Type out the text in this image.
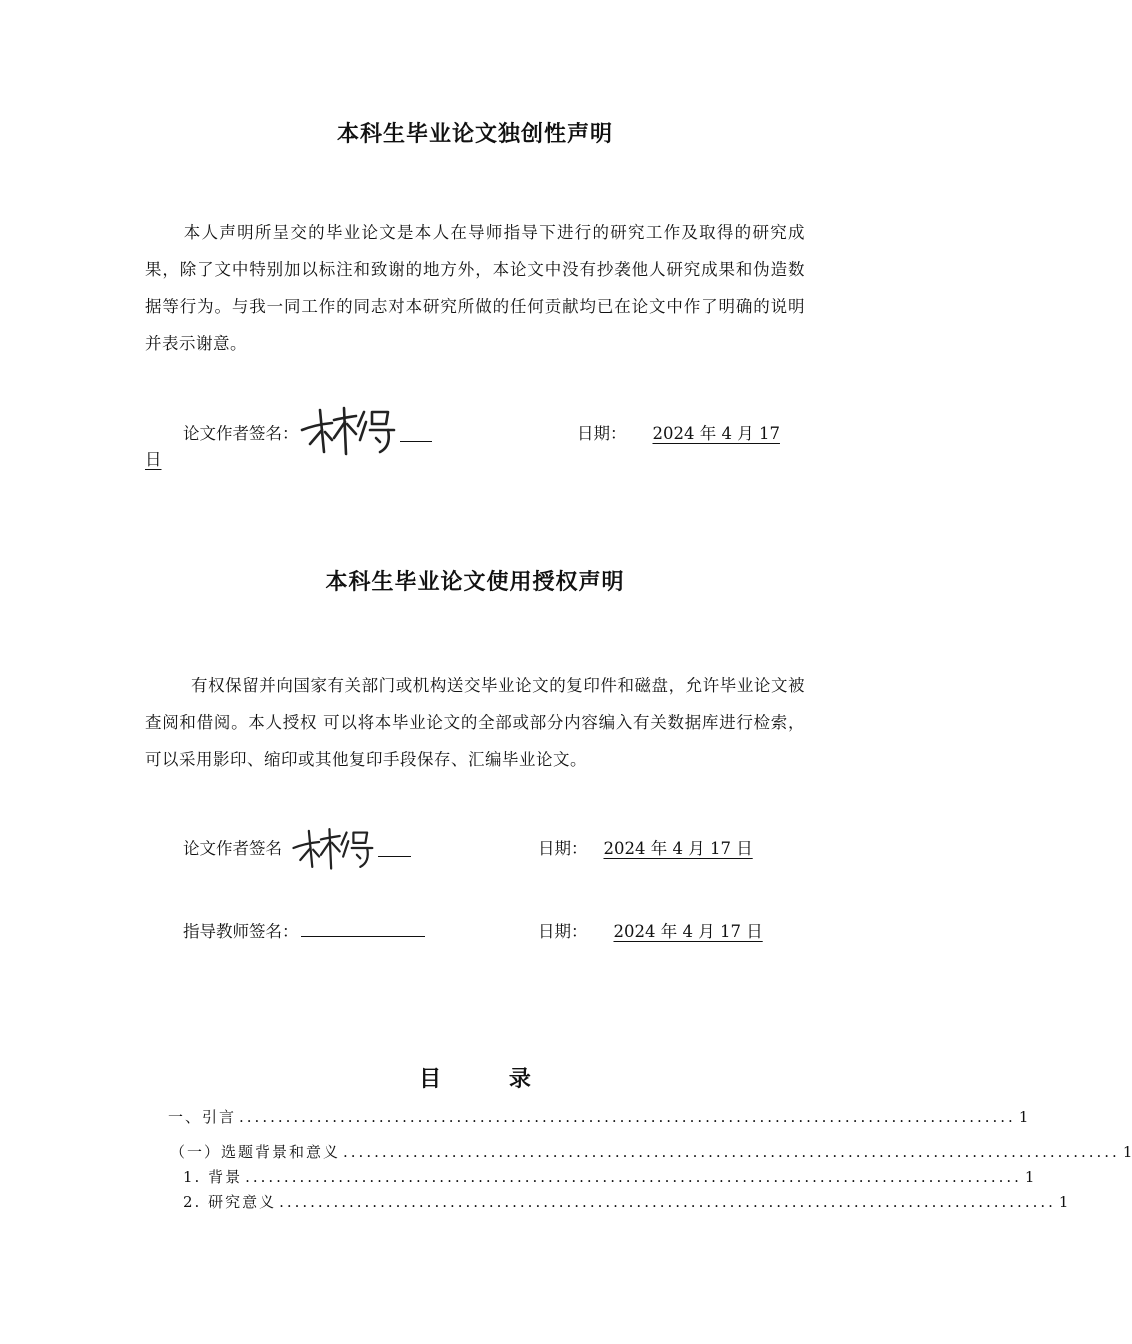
本科生毕业论文独创性声明
本人声明所呈交的毕业论文是本人在导师指导下进行的研究工作及取得的研究成果，除了文中特别加以标注和致谢的地方外，本论文中没有抄袭他人研究成果和伪造数据等行为。与我一同工作的同志对本研究所做的任何贡献均已在论文中作了明确的说明并表示谢意。
论文作者签名：	日期： 2024 年 4 月 17
日
本科生毕业论文使用授权声明
有权保留并向国家有关部门或机构送交毕业论文的复印件和磁盘，允许毕业论文被查阅和借阅。本人授权 可以将本毕业论文的全部或部分内容编入有关数据库进行检索，可以采用影印、缩印或其他复印手段保存、汇编毕业论文。
论文作者签名	日期： 2024 年 4 月 17 日
指导教师签名：	日期： 2024 年 4 月 17 日
目 录
一、引言 .................................................................................................... 1
（一）选题背景和意义 .................................................................................................... 1
1. 背景 .................................................................................................... 1
2. 研究意义 .................................................................................................... 1
